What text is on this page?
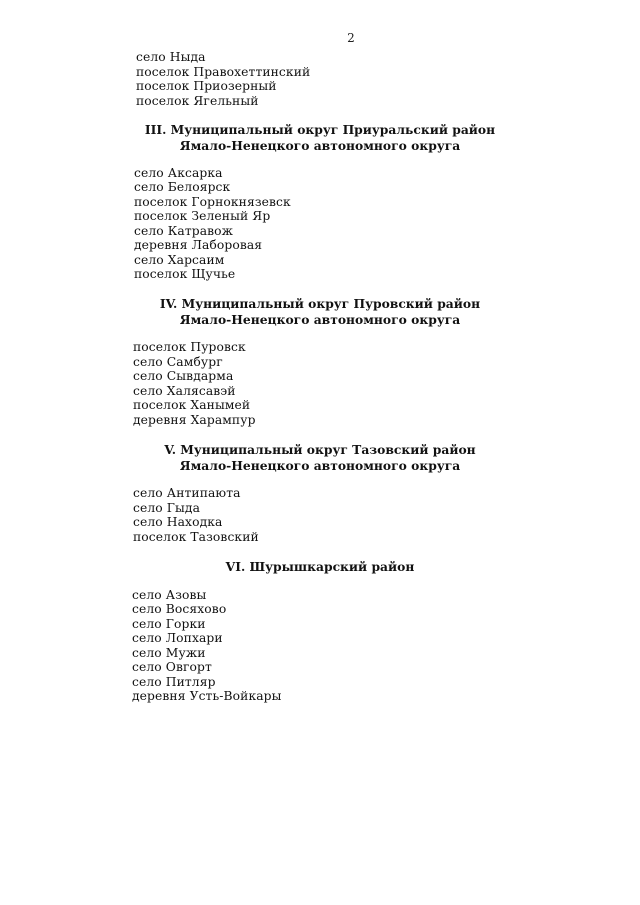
2
село Ныда
поселок Правохеттинский
поселок Приозерный
поселок Ягельный
III. Муниципальный округ Приуральский район
Ямало-Ненецкого автономного округа
село Аксарка
село Белоярск
поселок Горнокнязевск
поселок Зеленый Яр
село Катравож
деревня Лаборовая
село Харсаим
поселок Щучье
IV. Муниципальный округ Пуровский район
Ямало-Ненецкого автономного округа
поселок Пуровск
село Самбург
село Сывдарма
село Халясавэй
поселок Ханымей
деревня Харампур
V. Муниципальный округ Тазовский район
Ямало-Ненецкого автономного округа
село Антипаюта
село Гыда
село Находка
поселок Тазовский
VI. Шурышкарский район
село Азовы
село Восяхово
село Горки
село Лопхари
село Мужи
село Овгорт
село Питляр
деревня Усть-Войкары
